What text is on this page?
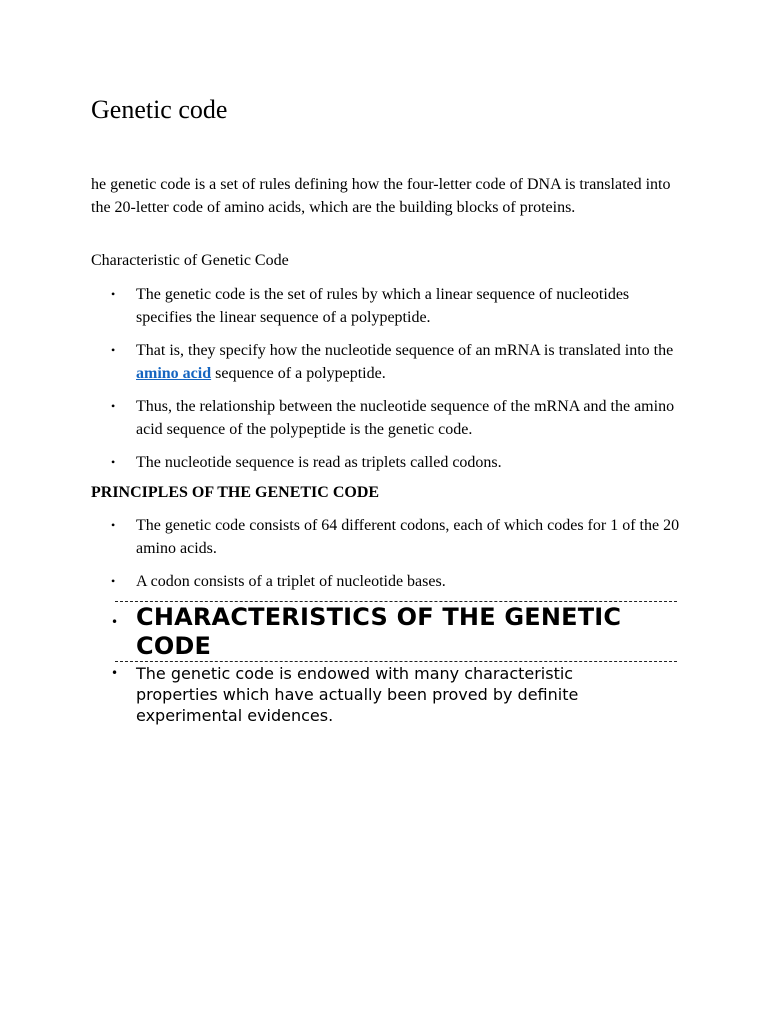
Genetic code

he genetic code is a set of rules defining how the four-letter code of DNA is translated into the 20-letter code of amino acids, which are the building blocks of proteins.

Characteristic of Genetic Code

• The genetic code is the set of rules by which a linear sequence of nucleotides specifies the linear sequence of a polypeptide.
• That is, they specify how the nucleotide sequence of an mRNA is translated into the amino acid sequence of a polypeptide.
• Thus, the relationship between the nucleotide sequence of the mRNA and the amino acid sequence of the polypeptide is the genetic code.
• The nucleotide sequence is read as triplets called codons.

PRINCIPLES OF THE GENETIC CODE

• The genetic code consists of 64 different codons, each of which codes for 1 of the 20 amino acids.
• A codon consists of a triplet of nucleotide bases.
• CHARACTERISTICS OF THE GENETIC CODE
• The genetic code is endowed with many characteristic properties which have actually been proved by definite experimental evidences.
